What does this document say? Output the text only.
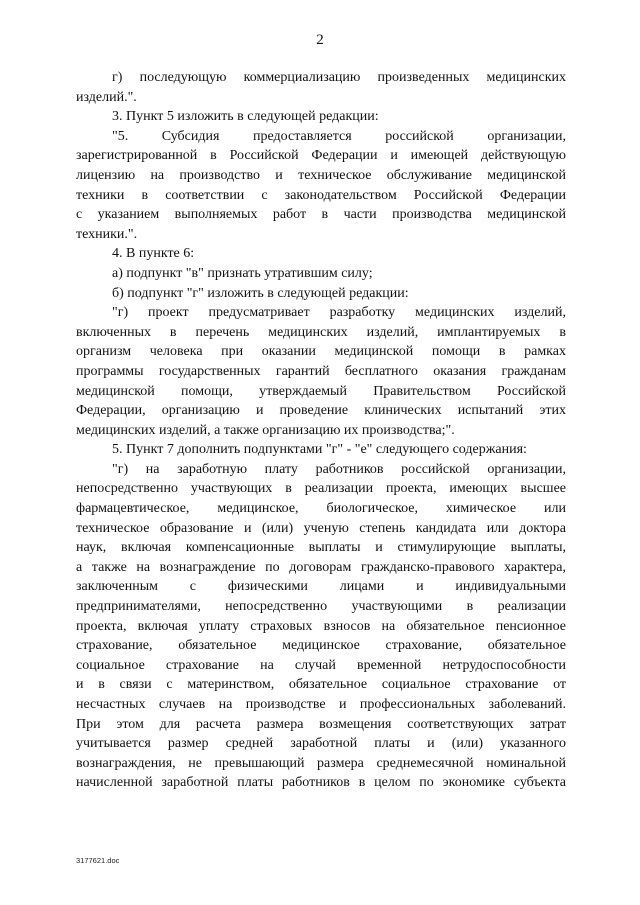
2
г) последующую коммерциализацию произведенных медицинских
изделий.".
3. Пункт 5 изложить в следующей редакции:
"5. Субсидия предоставляется российской организации,
зарегистрированной в Российской Федерации и имеющей действующую
лицензию на производство и техническое обслуживание медицинской
техники в соответствии с законодательством Российской Федерации
с указанием выполняемых работ в части производства медицинской
техники.".
4. В пункте 6:
а) подпункт "в" признать утратившим силу;
б) подпункт "г" изложить в следующей редакции:
"г) проект предусматривает разработку медицинских изделий,
включенных в перечень медицинских изделий, имплантируемых в
организм человека при оказании медицинской помощи в рамках
программы государственных гарантий бесплатного оказания гражданам
медицинской помощи, утверждаемый Правительством Российской
Федерации, организацию и проведение клинических испытаний этих
медицинских изделий, а также организацию их производства;".
5. Пункт 7 дополнить подпунктами "г" - "е" следующего содержания:
"г) на заработную плату работников российской организации,
непосредственно участвующих в реализации проекта, имеющих высшее
фармацевтическое, медицинское, биологическое, химическое или
техническое образование и (или) ученую степень кандидата или доктора
наук, включая компенсационные выплаты и стимулирующие выплаты,
а также на вознаграждение по договорам гражданско-правового характера,
заключенным с физическими лицами и индивидуальными
предпринимателями, непосредственно участвующими в реализации
проекта, включая уплату страховых взносов на обязательное пенсионное
страхование, обязательное медицинское страхование, обязательное
социальное страхование на случай временной нетрудоспособности
и в связи с материнством, обязательное социальное страхование от
несчастных случаев на производстве и профессиональных заболеваний.
При этом для расчета размера возмещения соответствующих затрат
учитывается размер средней заработной платы и (или) указанного
вознаграждения, не превышающий размера среднемесячной номинальной
начисленной заработной платы работников в целом по экономике субъекта
3177621.doc
